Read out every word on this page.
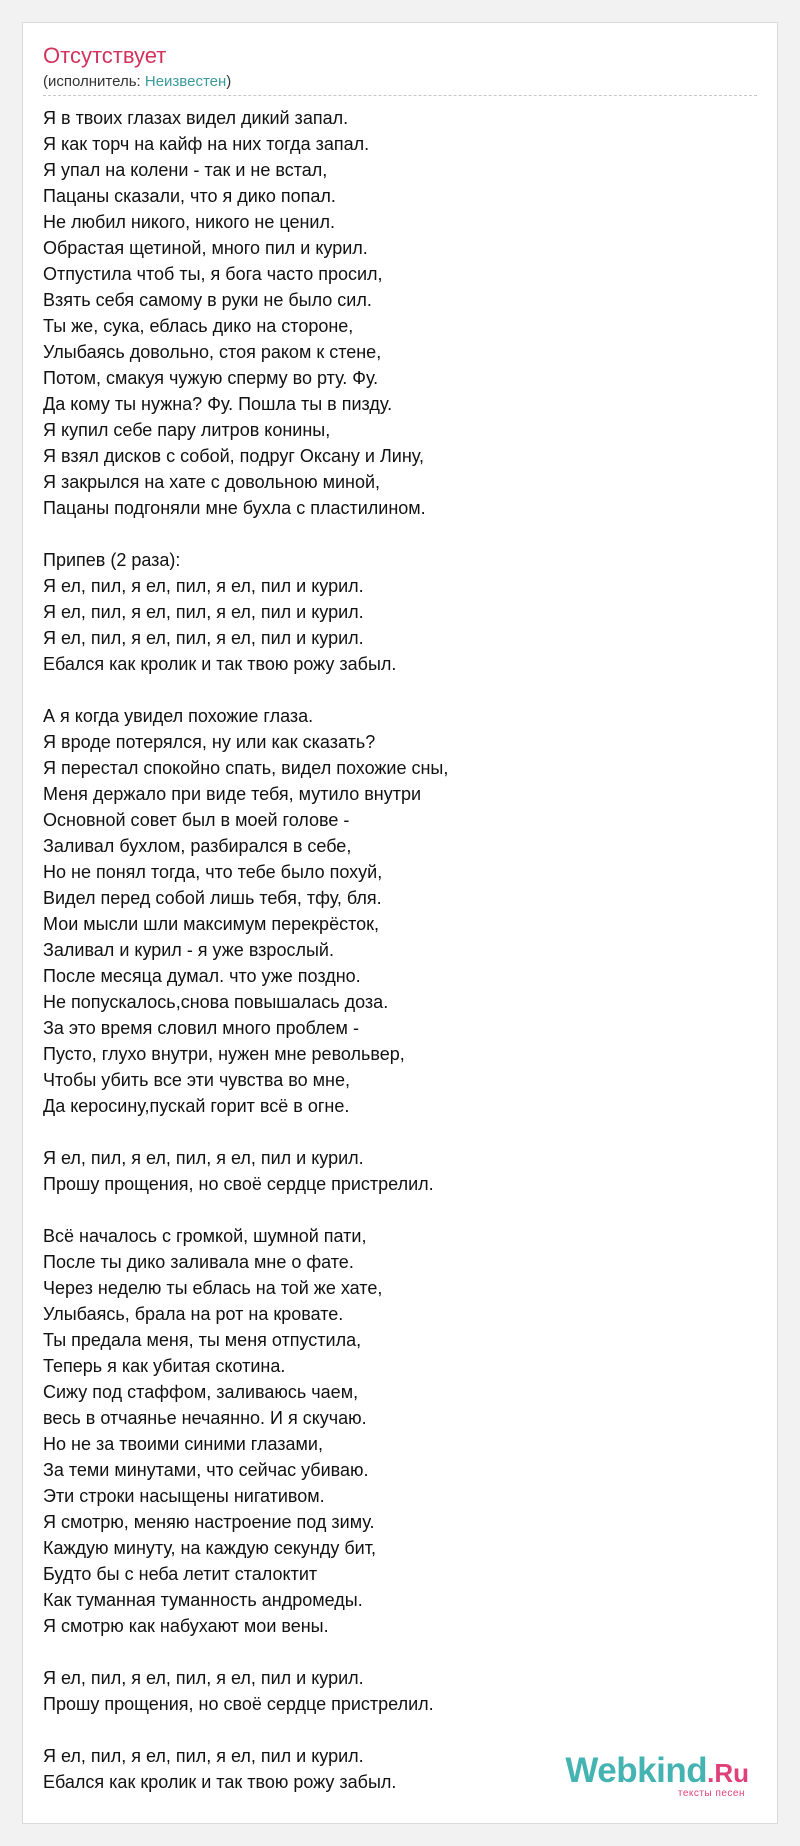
Отсутствует
(исполнитель: Неизвестен)
Я в твоих глазах видел дикий запал.
Я как торч на кайф на них тогда запал.
Я упал на колени - так и не встал,
Пацаны сказали, что я дико попал.
Не любил никого, никого не ценил.
Обрастая щетиной, много пил и курил.
Отпустила чтоб ты, я бога часто просил,
Взять себя самому в руки не было сил.
Ты же, сука, еблась дико на стороне,
Улыбаясь довольно, стоя раком к стене,
Потом, смакуя чужую сперму во рту. Фу.
Да кому ты нужна? Фу. Пошла ты в пизду.
Я купил себе пару литров конины,
Я взял дисков с собой, подруг Оксану и Лину,
Я закрылся на хате с довольною миной,
Пацаны подгоняли мне бухла с пластилином.
Припев (2 раза):
Я ел, пил, я ел, пил, я ел, пил и курил.
Я ел, пил, я ел, пил, я ел, пил и курил.
Я ел, пил, я ел, пил, я ел, пил и курил.
Ебался как кролик и так твою рожу забыл.
А я когда увидел похожие глаза.
Я вроде потерялся, ну или как сказать?
Я перестал спокойно спать, видел похожие сны,
Меня держало при виде тебя, мутило внутри
Основной совет был в моей голове -
Заливал бухлом, разбирался в себе,
Но не понял тогда, что тебе было похуй,
Видел перед собой лишь тебя, тфу, бля.
Мои мысли шли максимум перекрёсток,
Заливал и курил - я уже взрослый.
После месяца думал. что уже поздно.
Не попускалось,снова повышалась доза.
За это время словил много проблем -
Пусто, глухо внутри, нужен мне револьвер,
Чтобы убить все эти чувства во мне,
Да керосину,пускай горит всё в огне.
Я ел, пил, я ел, пил, я ел, пил и курил.
Прошу прощения, но своё сердце пристрелил.
Всё началось с громкой, шумной пати,
После ты дико заливала мне о фате.
Через неделю ты еблась на той же хате,
Улыбаясь, брала на рот на кровате.
Ты предала меня, ты меня отпустила,
Теперь я как убитая скотина.
Сижу под стаффом, заливаюсь чаем,
весь в отчаянье нечаянно. И я скучаю.
Но не за твоими синими глазами,
За теми минутами, что сейчас убиваю.
Эти строки насыщены нигативом.
Я смотрю, меняю настроение под зиму.
Каждую минуту, на каждую секунду бит,
Будто бы с неба летит сталоктит
Как туманная туманность андромеды.
Я смотрю как набухают мои вены.
Я ел, пил, я ел, пил, я ел, пил и курил.
Прошу прощения, но своё сердце пристрелил.
Я ел, пил, я ел, пил, я ел, пил и курил.
Ебался как кролик и так твою рожу забыл.	Webkind.Ru
тексты песен
